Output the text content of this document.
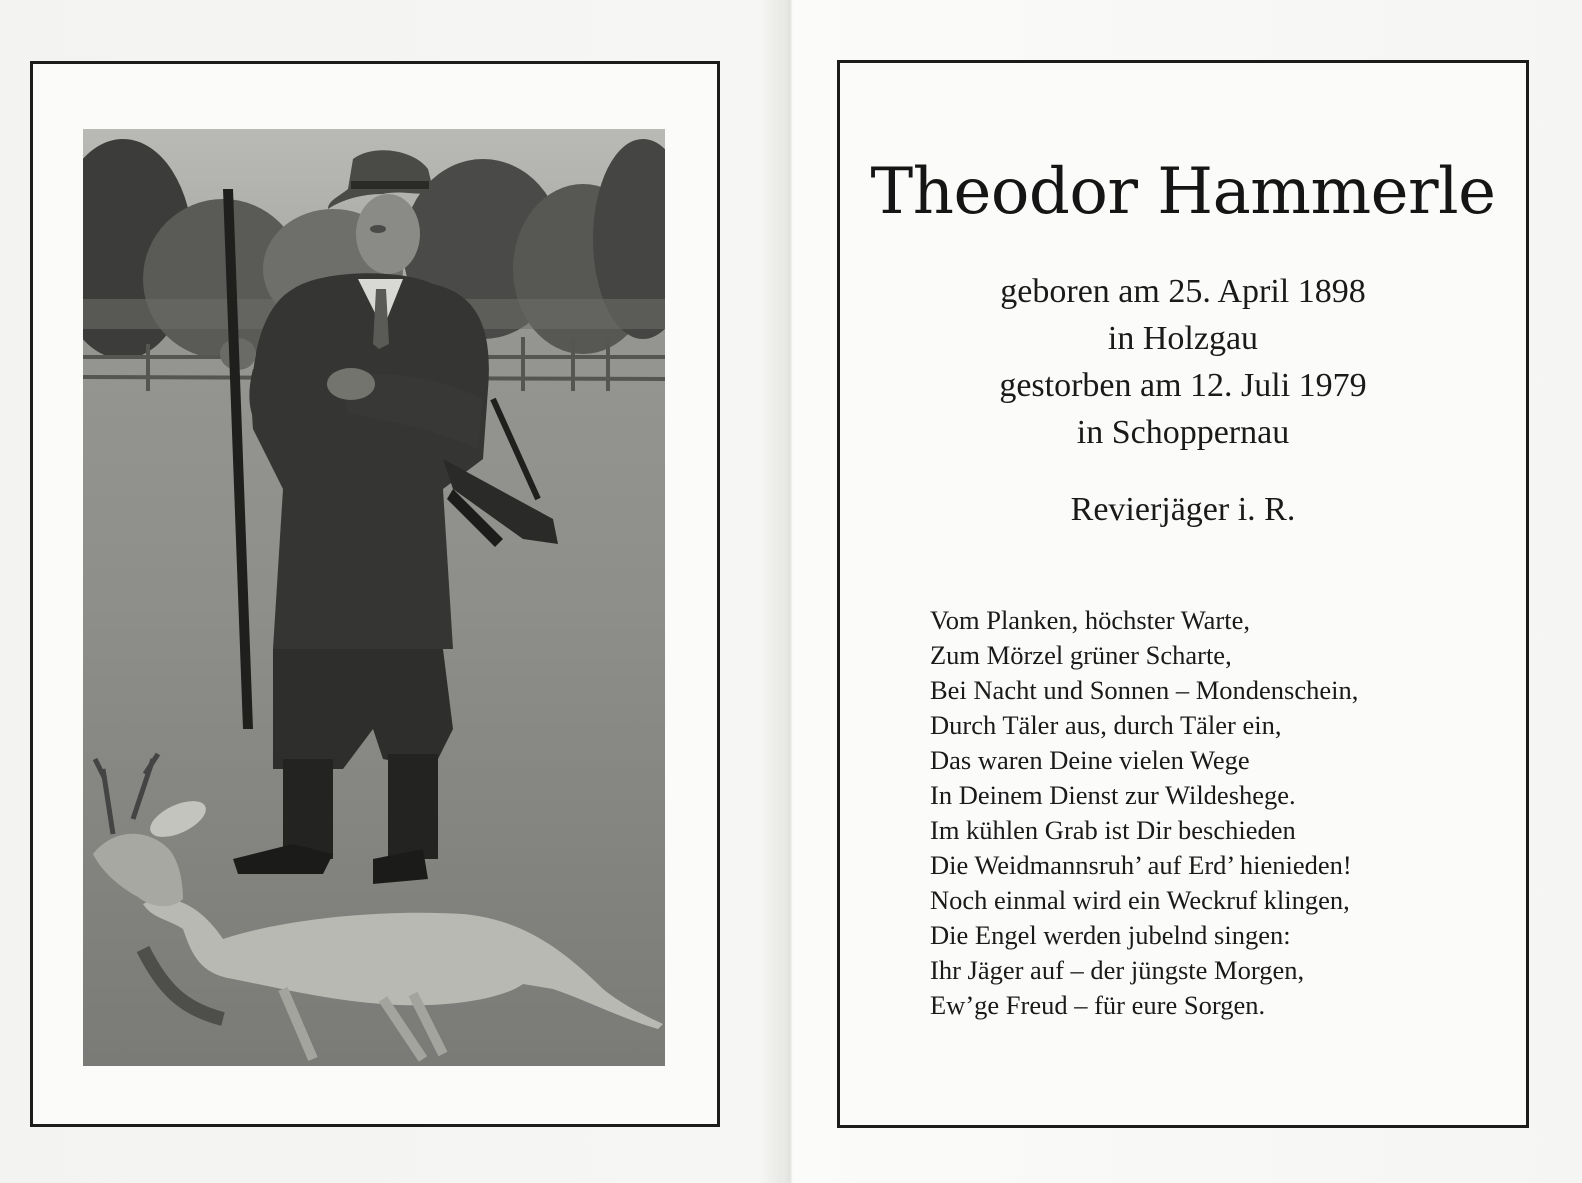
Theodor Hammerle
geboren am 25. April 1898
in Holzgau
gestorben am 12. Juli 1979
in Schoppernau
Revierjäger i. R.
Vom Planken, höchster Warte,
Zum Mörzel grüner Scharte,
Bei Nacht und Sonnen – Mondenschein,
Durch Täler aus, durch Täler ein,
Das waren Deine vielen Wege
In Deinem Dienst zur Wildeshege.
Im kühlen Grab ist Dir beschieden
Die Weidmannsruh’ auf Erd’ hienieden!
Noch einmal wird ein Weckruf klingen,
Die Engel werden jubelnd singen:
Ihr Jäger auf – der jüngste Morgen,
Ew’ge Freud – für eure Sorgen.
